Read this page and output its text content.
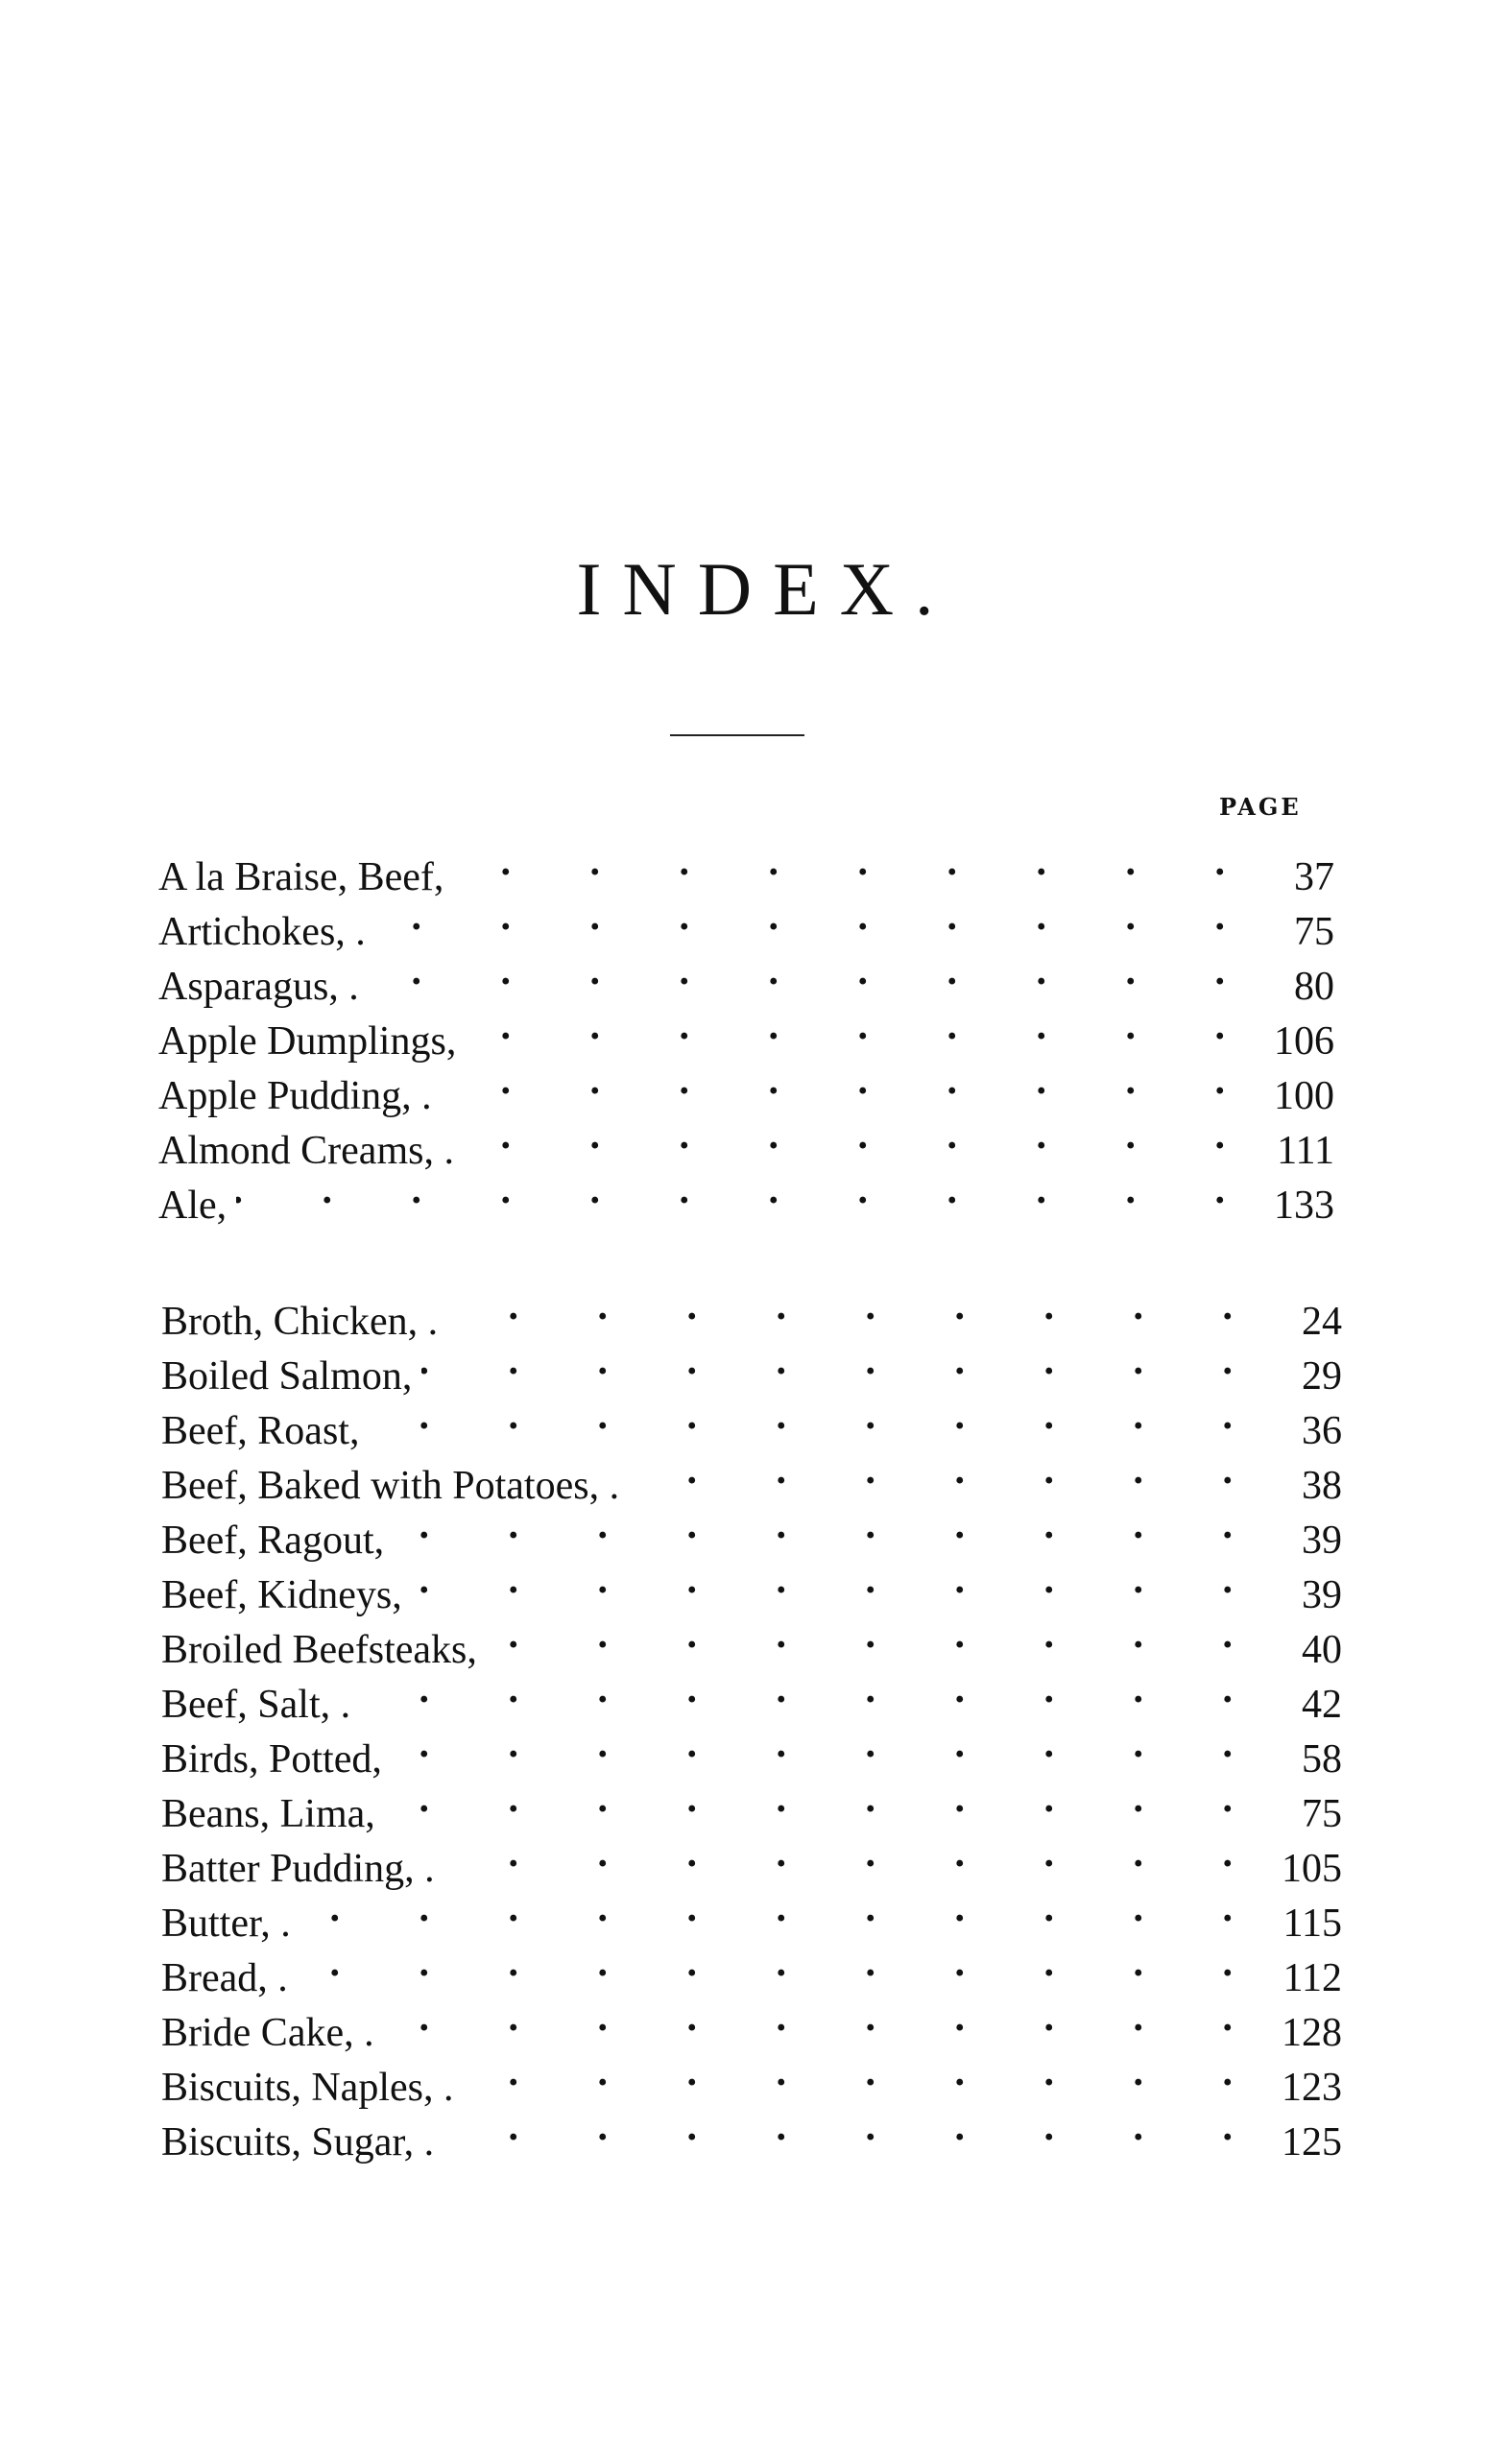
INDEX.
PAGE
A la Braise, Beef, . . .	37
Artichokes, . . . .	75
Asparagus, . . . .	80
Apple Dumplings, . . .	106
Apple Pudding, . . . .	100
Almond Creams, . . . .	111
Ale, . . .	133
Broth, Chicken, . . . .	24
Boiled Salmon, . . .	29
Beef, Roast, . . .	36
Beef, Baked with Potatoes, . . . .	38
Beef, Ragout, . . .	39
Beef, Kidneys, . . .	39
Broiled Beefsteaks, . . .	40
Beef, Salt, . . . .	42
Birds, Potted, . . .	58
Beans, Lima, . . .	75
Batter Pudding, . . . .	105
Butter, . . . .	115
Bread, . . . .	112
Bride Cake, . . . .	128
Biscuits, Naples, . . . .	123
Biscuits, Sugar, . . . .	125
